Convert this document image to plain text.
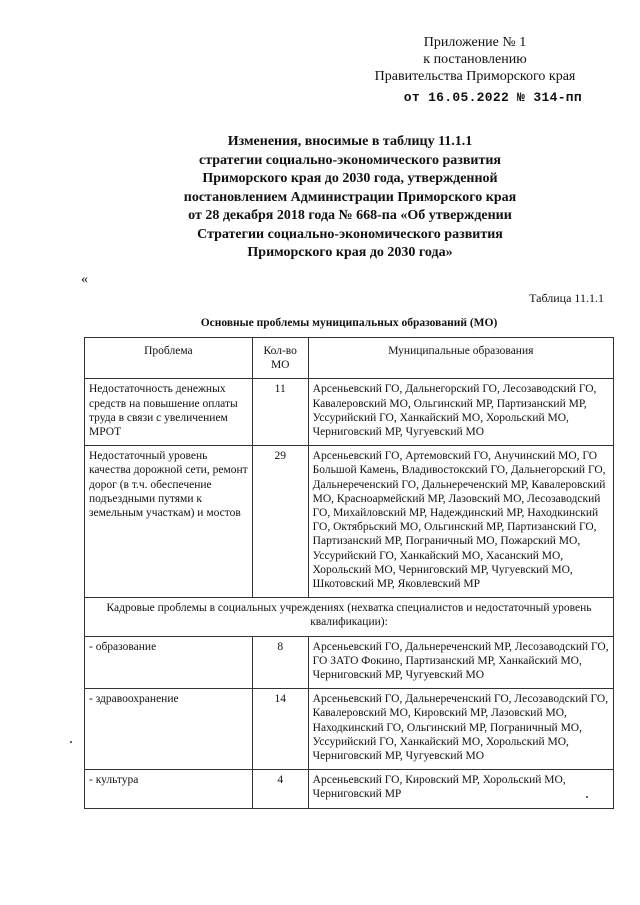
Приложение № 1
к постановлению
Правительства Приморского края
от 16.05.2022 № 314-пп
Изменения, вносимые в таблицу 11.1.1
стратегии социально-экономического развития
Приморского края до 2030 года, утвержденной
постановлением Администрации Приморского края
от 28 декабря 2018 года № 668-па «Об утверждении
Стратегии социально-экономического развития
Приморского края до 2030 года»
«
Таблица 11.1.1
Основные проблемы муниципальных образований (МО)
Проблема	Кол-во МО	Муниципальные образования
Недостаточность денежных средств на повышение оплаты труда в связи с увеличением МРОТ	11	Арсеньевский ГО, Дальнегорский ГО, Лесозаводский ГО, Кавалеровский МО, Ольгинский МР, Партизанский МР, Уссурийский ГО, Ханкайский МО, Хорольский МО, Черниговский МР, Чугуевский МО
Недостаточный уровень качества дорожной сети, ремонт дорог (в т.ч. обеспечение подъездными путями к земельным участкам) и мостов	29	Арсеньевский ГО, Артемовский ГО, Анучинский МО, ГО Большой Камень, Владивостокский ГО, Дальнегорский ГО, Дальнереченский ГО, Дальнереченский МР, Кавалеровский МО, Красноармейский МР, Лазовский МО, Лесозаводский ГО, Михайловский МР, Надеждинский МР, Находкинский ГО, Октябрьский МО, Ольгинский МР, Партизанский ГО, Партизанский МР, Пограничный МО, Пожарский МО, Уссурийский ГО, Ханкайский МО, Хасанский МО, Хорольский МО, Черниговский МР, Чугуевский МО, Шкотовский МР, Яковлевский МР
Кадровые проблемы в социальных учреждениях (нехватка специалистов и недостаточный уровень квалификации):		
- образование	8	Арсеньевский ГО, Дальнереченский МР, Лесозаводский ГО, ГО ЗАТО Фокино, Партизанский МР, Ханкайский МО, Черниговский МР, Чугуевский МО
- здравоохранение	14	Арсеньевский ГО, Дальнереченский ГО, Лесозаводский ГО, Кавалеровский МО, Кировский МР, Лазовский МО, Находкинский ГО, Ольгинский МР, Пограничный МО, Уссурийский ГО, Ханкайский МО, Хорольский МО, Черниговский МР, Чугуевский МО
- культура	4	Арсеньевский ГО, Кировский МР, Хорольский МО, Черниговский МР
